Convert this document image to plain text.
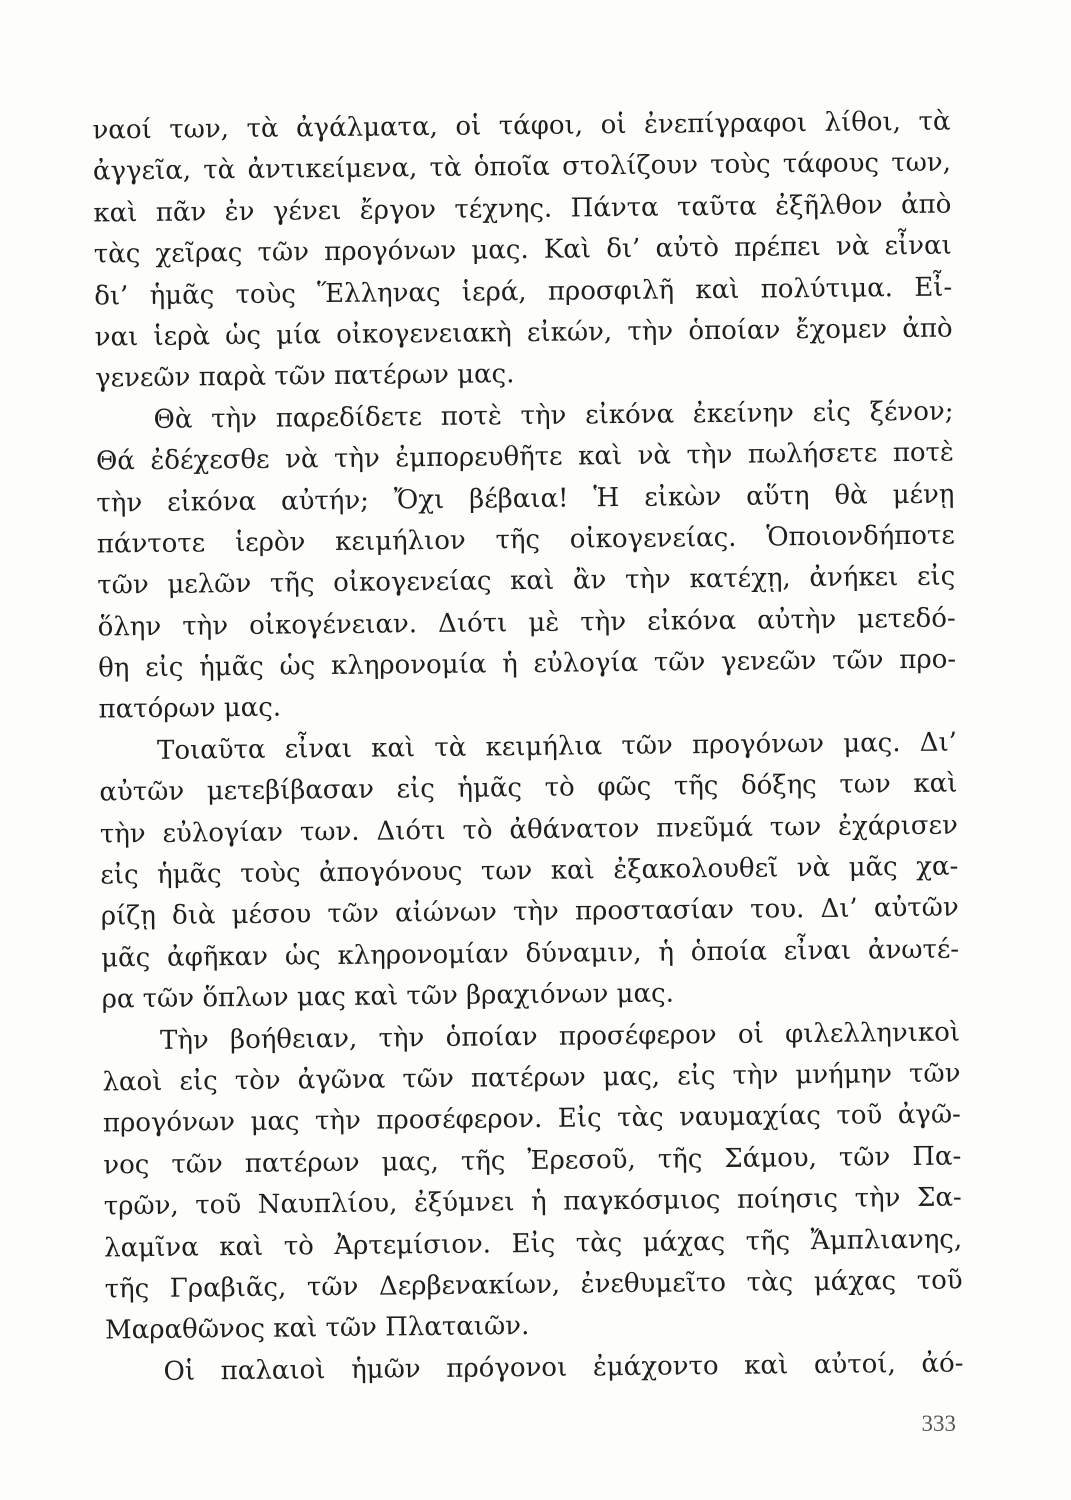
ναοί των, τὰ ἀγάλματα, οἱ τάφοι, οἱ ἐνεπίγραφοι λίθοι, τὰ
ἀγγεῖα, τὰ ἀντικείμενα, τὰ ὁποῖα στολίζουν τοὺς τάφους των,
καὶ πᾶν ἐν γένει ἔργον τέχνης. Πάντα ταῦτα ἐξῆλθον ἀπὸ
τὰς χεῖρας τῶν προγόνων μας. Καὶ δι’ αὐτὸ πρέπει νὰ εἶναι
δι’ ἡμᾶς τοὺς Ἕλληνας ἱερά, προσφιλῆ καὶ πολύτιμα. Εἶ-
ναι ἱερὰ ὡς μία οἰκογενειακὴ εἰκών, τὴν ὁποίαν ἔχομεν ἀπὸ
γενεῶν παρὰ τῶν πατέρων μας.
Θὰ τὴν παρεδίδετε ποτὲ τὴν εἰκόνα ἐκείνην εἰς ξένον;
Θά ἐδέχεσθε νὰ τὴν ἐμπορευθῆτε καὶ νὰ τὴν πωλήσετε ποτὲ
τὴν εἰκόνα αὐτήν; Ὄχι βέβαια! Ἡ εἰκὼν αὕτη θὰ μένῃ
πάντοτε ἱερὸν κειμήλιον τῆς οἰκογενείας. Ὁποιονδήποτε
τῶν μελῶν τῆς οἰκογενείας καὶ ἂν τὴν κατέχῃ, ἀνήκει εἰς
ὅλην τὴν οἰκογένειαν. Διότι μὲ τὴν εἰκόνα αὐτὴν μετεδό-
θη εἰς ἡμᾶς ὡς κληρονομία ἡ εὐλογία τῶν γενεῶν τῶν προ-
πατόρων μας.
Τοιαῦτα εἶναι καὶ τὰ κειμήλια τῶν προγόνων μας. Δι’
αὐτῶν μετεβίβασαν εἰς ἡμᾶς τὸ φῶς τῆς δόξης των καὶ
τὴν εὐλογίαν των. Διότι τὸ ἀθάνατον πνεῦμά των ἐχάρισεν
εἰς ἡμᾶς τοὺς ἀπογόνους των καὶ ἐξακολουθεῖ νὰ μᾶς χα-
ρίζῃ διὰ μέσου τῶν αἰώνων τὴν προστασίαν του. Δι’ αὐτῶν
μᾶς ἀφῆκαν ὡς κληρονομίαν δύναμιν, ἡ ὁποία εἶναι ἀνωτέ-
ρα τῶν ὅπλων μας καὶ τῶν βραχιόνων μας.
Τὴν βοήθειαν, τὴν ὁποίαν προσέφερον οἱ φιλελληνικοὶ
λαοὶ εἰς τὸν ἀγῶνα τῶν πατέρων μας, εἰς τὴν μνήμην τῶν
προγόνων μας τὴν προσέφερον. Εἰς τὰς ναυμαχίας τοῦ ἀγῶ-
νος τῶν πατέρων μας, τῆς Ἐρεσοῦ, τῆς Σάμου, τῶν Πα-
τρῶν, τοῦ Ναυπλίου, ἐξύμνει ἡ παγκόσμιος ποίησις τὴν Σα-
λαμῖνα καὶ τὸ Ἀρτεμίσιον. Εἰς τὰς μάχας τῆς Ἄμπλιανης,
τῆς Γραβιᾶς, τῶν Δερβενακίων, ἐνεθυμεῖτο τὰς μάχας τοῦ
Μαραθῶνος καὶ τῶν Πλαταιῶν.
Οἱ παλαιοὶ ἡμῶν πρόγονοι ἐμάχοντο καὶ αὐτοί, ἀό-
333
